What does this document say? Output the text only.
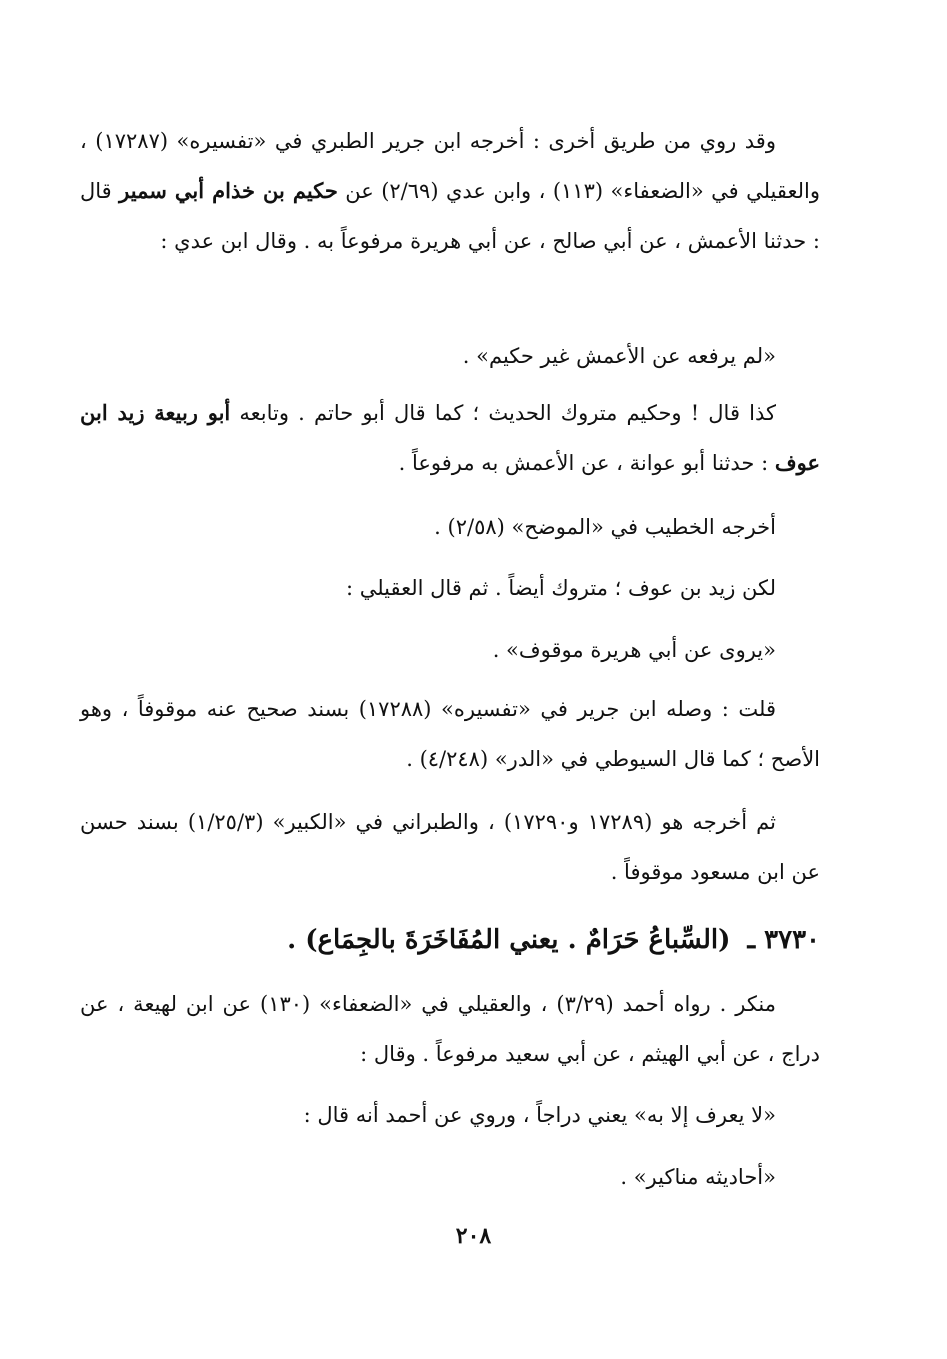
وقد روي من طريق أخرى : أخرجه ابن جرير الطبري في «تفسيره» (١٧٢٨٧) ، والعقيلي في «الضعفاء» (١١٣) ، وابن عدي (٢/٦٩) عن حكيم بن خذام أبي سمير قال : حدثنا الأعمش ، عن أبي صالح ، عن أبي هريرة مرفوعاً به . وقال ابن عدي :
«لم يرفعه عن الأعمش غير حكيم» .
كذا قال ! وحكيم متروك الحديث ؛ كما قال أبو حاتم . وتابعه أبو ربيعة زيد ابن عوف : حدثنا أبو عوانة ، عن الأعمش به مرفوعاً .
أخرجه الخطيب في «الموضح» (٢/٥٨) .
لكن زيد بن عوف ؛ متروك أيضاً . ثم قال العقيلي :
«يروى عن أبي هريرة موقوف» .
قلت : وصله ابن جرير في «تفسيره» (١٧٢٨٨) بسند صحيح عنه موقوفاً ، وهو الأصح ؛ كما قال السيوطي في «الدر» (٤/٢٤٨) .
ثم أخرجه هو (١٧٢٨٩ و١٧٢٩٠) ، والطبراني في «الكبير» (١/٢٥/٣) بسند حسن عن ابن مسعود موقوفاً .
٣٧٣٠ ـ (السِّباعُ حَرَامٌ . يعني المُفَاخَرَةَ بالجِمَاع) .
منكر . رواه أحمد (٣/٢٩) ، والعقيلي في «الضعفاء» (١٣٠) عن ابن لهيعة ، عن دراج ، عن أبي الهيثم ، عن أبي سعيد مرفوعاً . وقال :
«لا يعرف إلا به» يعني دراجاً ، وروي عن أحمد أنه قال :
«أحاديثه مناكير» .
٢٠٨
